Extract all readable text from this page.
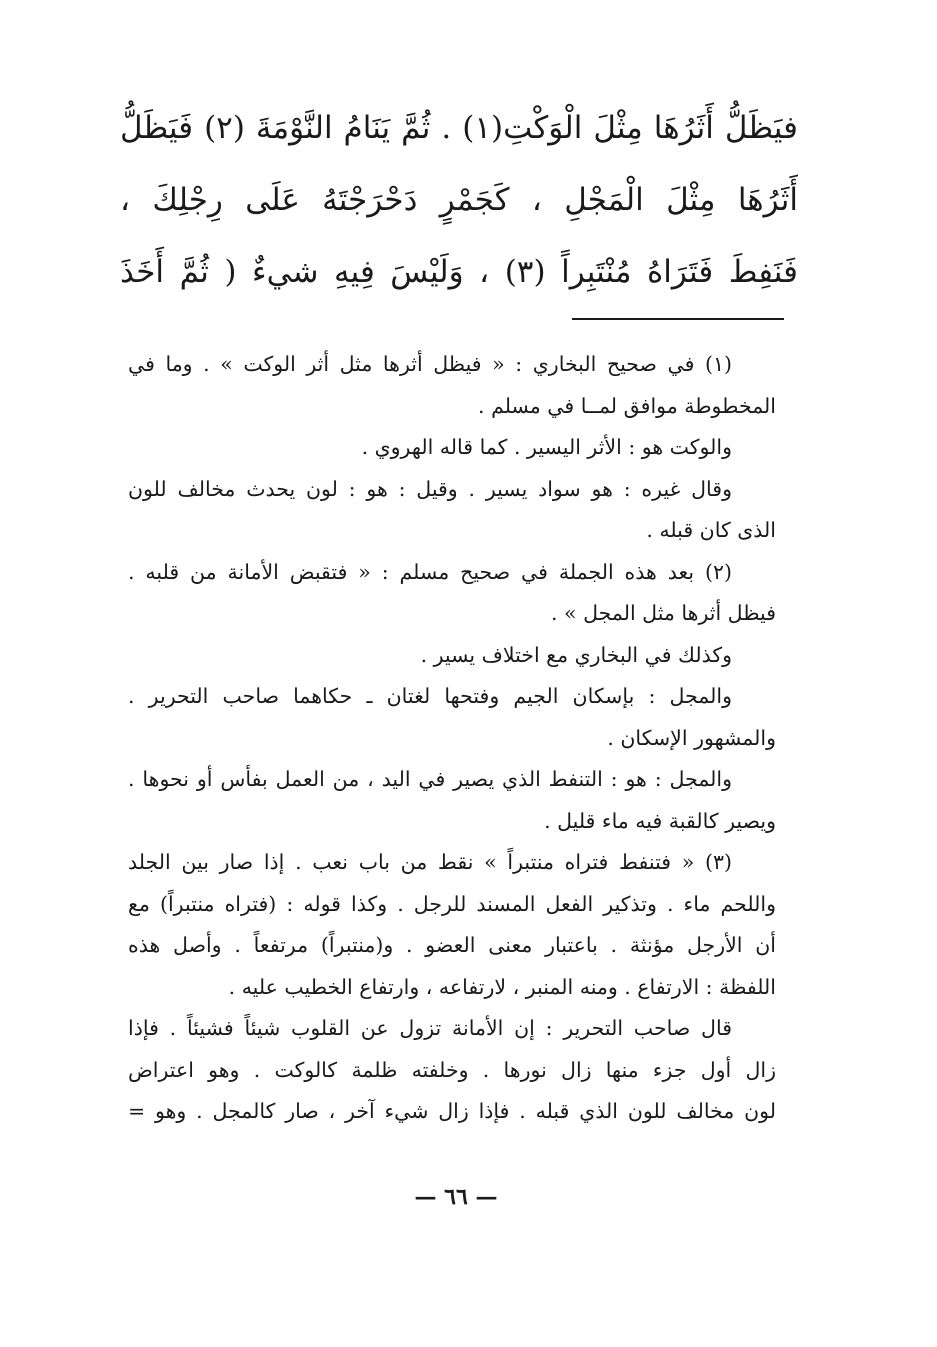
فيَظَلُّ أَثَرُهَا مِثْلَ الْوَكْتِ(١) . ثُمَّ يَنَامُ النَّوْمَةَ (٢) فَيَظَلُّ
أَثَرُهَا مِثْلَ الْمَجْلِ ، كَجَمْرٍ دَحْرَجْتَهُ عَلَى رِجْلِكَ ،
فَنَفِطَ فَتَرَاهُ مُنْتَبِراً (٣) ، وَلَيْسَ فِيهِ شيءٌ ( ثُمَّ أَخَذَ
(١) في صحيح البخاري : « فيظل أثرها مثل أثر الوكت » . وما في
المخطوطة موافق لمــا في مسلم .
والوكت هو : الأثر اليسير . كما قاله الهروي .
وقال غيره : هو سواد يسير . وقيل : هو : لون يحدث مخالف للون
الذى كان قبله .
(٢) بعد هذه الجملة في صحيح مسلم : « فتقبض الأمانة من قلبه .
فيظل أثرها مثل المجل » .
وكذلك في البخاري مع اختلاف يسير .
والمجل : بإسكان الجيم وفتحها لغتان ـ حكاهما صاحب التحرير .
والمشهور الإسكان .
والمجل : هو : التنفط الذي يصير في اليد ، من العمل بفأس أو نحوها .
ويصير كالقبة فيه ماء قليل .
(٣) « فتنفط فتراه منتبراً » نقط من باب نعب . إذا صار بين الجلد
واللحم ماء . وتذكير الفعل المسند للرجل . وكذا قوله : (فتراه منتبراً) مع
أن الأرجل مؤنثة . باعتبار معنى العضو . و(منتبراً) مرتفعاً . وأصل هذه
اللفظة : الارتفاع . ومنه المنبر ، لارتفاعه ، وارتفاع الخطيب عليه .
قال صاحب التحرير : إن الأمانة تزول عن القلوب شيئاً فشيئاً . فإذا
زال أول جزء منها زال نورها . وخلفته ظلمة كالوكت . وهو اعتراض
لون مخالف للون الذي قبله . فإذا زال شيء آخر ، صار كالمجل . وهو =
— ٦٦ —
